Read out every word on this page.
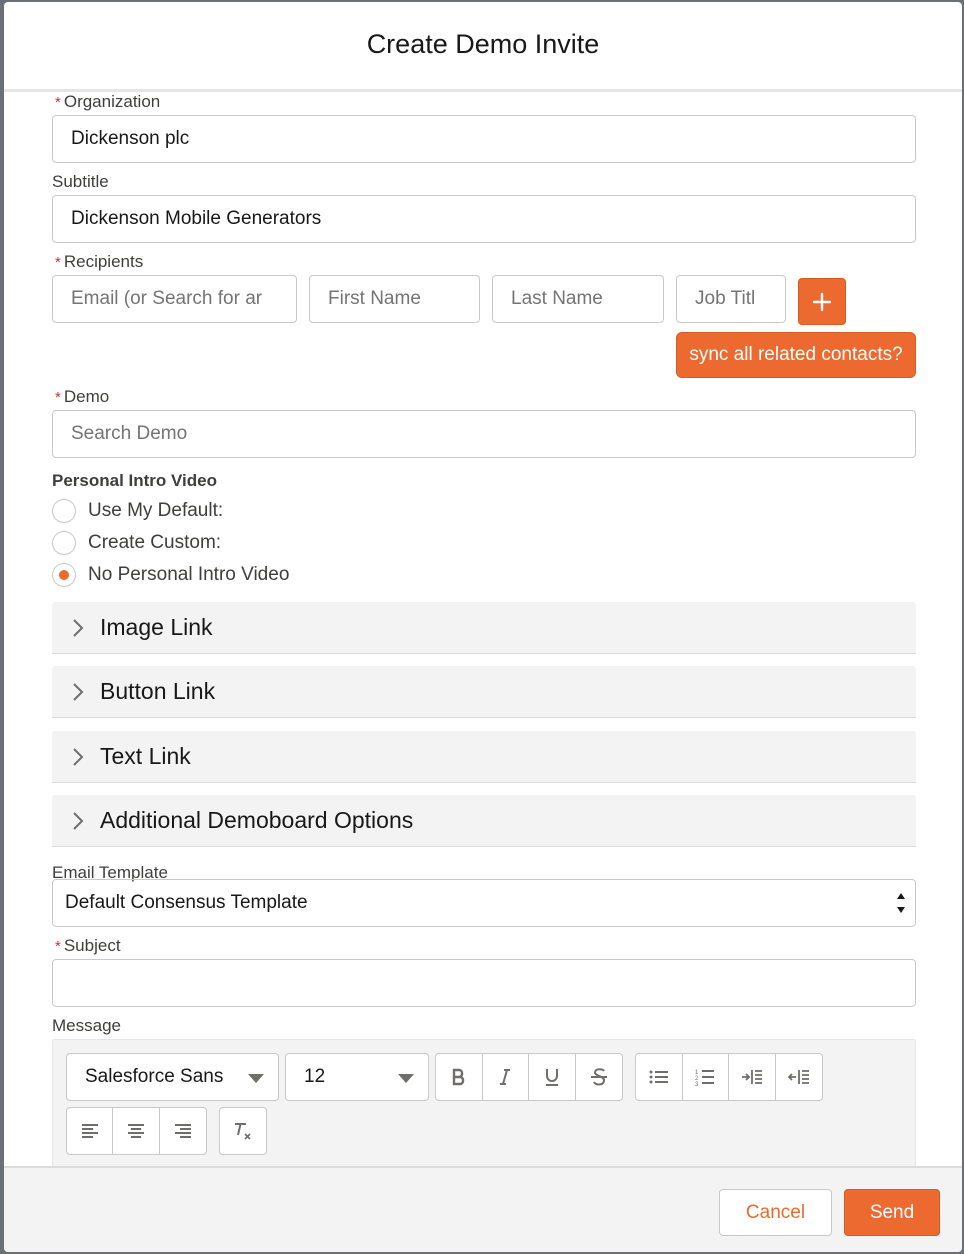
Create Demo Invite
* Organization
Dickenson plc
Subtitle
Dickenson Mobile Generators
* Recipients
Email (or Search for ar	First Name	Last Name	Job Titl
sync all related contacts?
* Demo
Search Demo
Personal Intro Video
Use My Default:
Create Custom:
No Personal Intro Video
Image Link
Button Link
Text Link
Additional Demoboard Options
Email Template
Default Consensus Template
* Subject
Message
Salesforce Sans	12	1
2
3
Cancel	Send
